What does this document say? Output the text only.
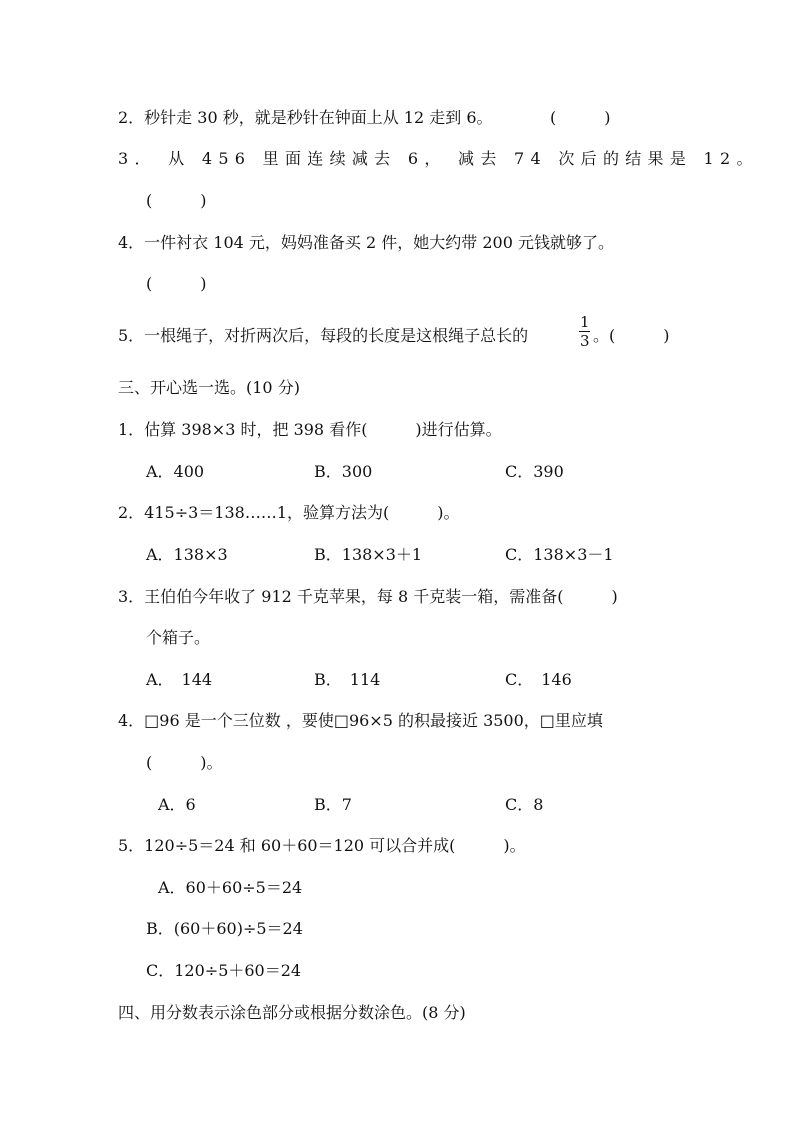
2．秒针走 30 秒，就是秒针在钟面上从 12 走到 6。	(　　　)
3． 从 456 里面连续减去 6， 减去 74 次后的结果是 12。
(　　　)
4．一件衬衣 104 元，妈妈准备买 2 件，她大约带 200 元钱就够了。
(　　　)
5．一根绳子，对折两次后，每段的长度是这根绳子总长的
1
3 。(　　　)
三、开心选一选。(10 分)
1．估算 398×3 时，把 398 看作(　　　)进行估算。
A．400	B．300	C．390
2．415÷3＝138……1，验算方法为(　　　)。
A．138×3	B．138×3＋1	C．138×3－1
3．王伯伯今年收了 912 千克苹果，每 8 千克装一箱，需准备(　　　)
个箱子。
A．　144	B．　114	C．　146
4．□96 是一个三位数 ，要使□96×5 的积最接近 3500，□里应填
(　　　)。
A．6	B．7	C．8
5．120÷5＝24 和 60＋60＝120 可以合并成(　　　)。
A．60＋60÷5＝24
B．(60＋60)÷5＝24
C．120÷5＋60＝24
四、用分数表示涂色部分或根据分数涂色。(8 分)
